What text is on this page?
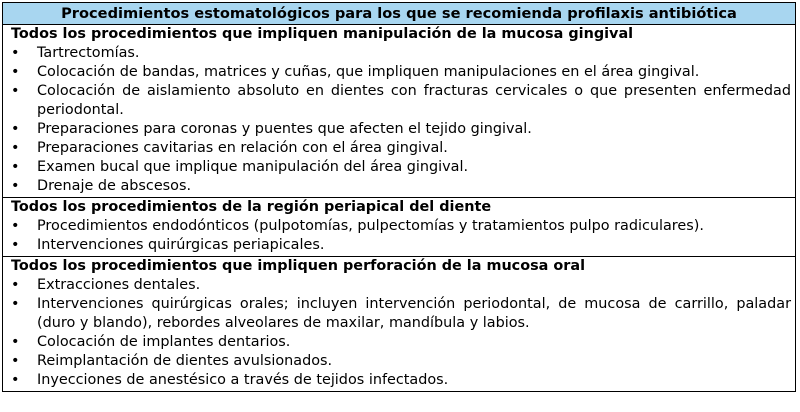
Procedimientos estomatológicos para los que se recomienda profilaxis antibiótica

Todos los procedimientos que impliquen manipulación de la mucosa gingival

•	Tartrectomías.
•	Colocación de bandas, matrices y cuñas, que impliquen manipulaciones en el área gingival.
•	Colocación de aislamiento absoluto en dientes con fracturas cervicales o que presenten enfermedad periodontal.
•	Preparaciones para coronas y puentes que afecten el tejido gingival.
•	Preparaciones cavitarias en relación con el área gingival.
•	Examen bucal que implique manipulación del área gingival.
•	Drenaje de abscesos.

Todos los procedimientos de la región periapical del diente

•	Procedimientos endodónticos (pulpotomías, pulpectomías y tratamientos pulpo radiculares).
•	Intervenciones quirúrgicas periapicales.

Todos los procedimientos que impliquen perforación de la mucosa oral

•	Extracciones dentales.
•	Intervenciones quirúrgicas orales; incluyen intervención periodontal, de mucosa de carrillo, paladar (duro y blando), rebordes alveolares de maxilar, mandíbula y labios.
•	Colocación de implantes dentarios.
•	Reimplantación de dientes avulsionados.
•	Inyecciones de anestésico a través de tejidos infectados.
